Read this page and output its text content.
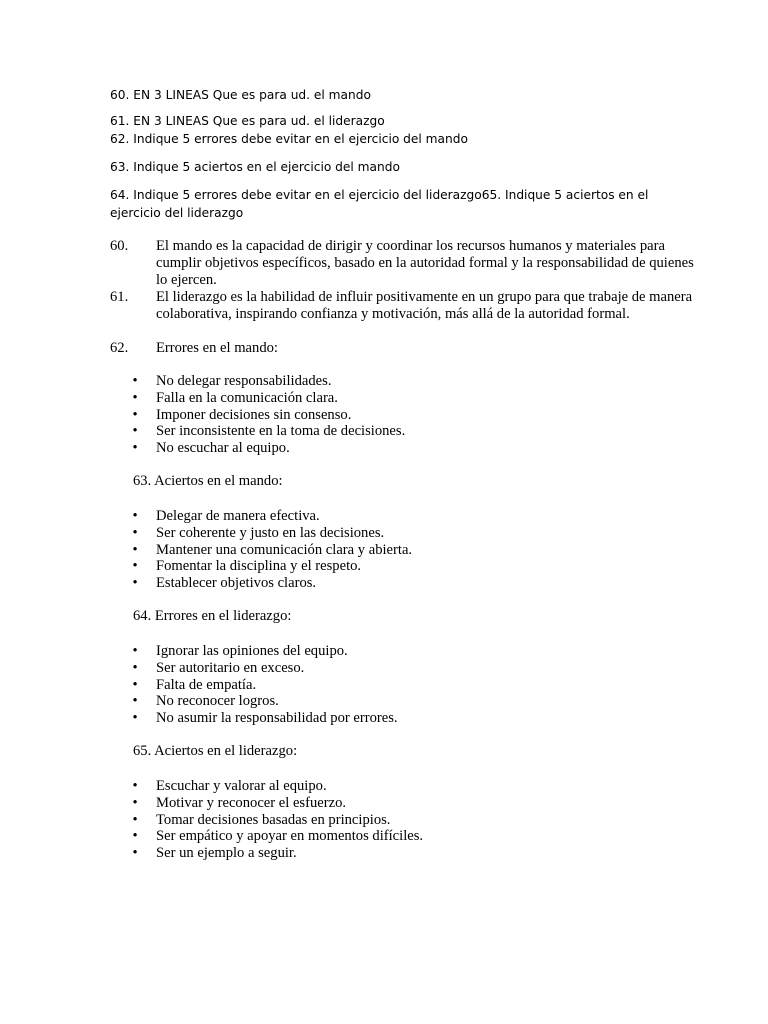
60. EN 3 LINEAS Que es para ud. el mando

61. EN 3 LINEAS Que es para ud. el liderazgo

62. Indique 5 errores debe evitar en el ejercicio del mando

63. Indique 5 aciertos en el ejercicio del mando

64. Indique 5 errores debe evitar en el ejercicio del liderazgo65. Indique 5 aciertos en el ejercicio del liderazgo

60. El mando es la capacidad de dirigir y coordinar los recursos humanos y materiales para cumplir objetivos específicos, basado en la autoridad formal y la responsabilidad de quienes lo ejercen.
61. El liderazgo es la habilidad de influir positivamente en un grupo para que trabaje de manera colaborativa, inspirando confianza y motivación, más allá de la autoridad formal.
62. Errores en el mando:
• No delegar responsabilidades.
• Falla en la comunicación clara.
• Imponer decisiones sin consenso.
• Ser inconsistente en la toma de decisiones.
• No escuchar al equipo.

63. Aciertos en el mando:

• Delegar de manera efectiva.
• Ser coherente y justo en las decisiones.
• Mantener una comunicación clara y abierta.
• Fomentar la disciplina y el respeto.
• Establecer objetivos claros.

64. Errores en el liderazgo:

• Ignorar las opiniones del equipo.
• Ser autoritario en exceso.
• Falta de empatía.
• No reconocer logros.
• No asumir la responsabilidad por errores.

65. Aciertos en el liderazgo:

• Escuchar y valorar al equipo.
• Motivar y reconocer el esfuerzo.
• Tomar decisiones basadas en principios.
• Ser empático y apoyar en momentos difíciles.
• Ser un ejemplo a seguir.
